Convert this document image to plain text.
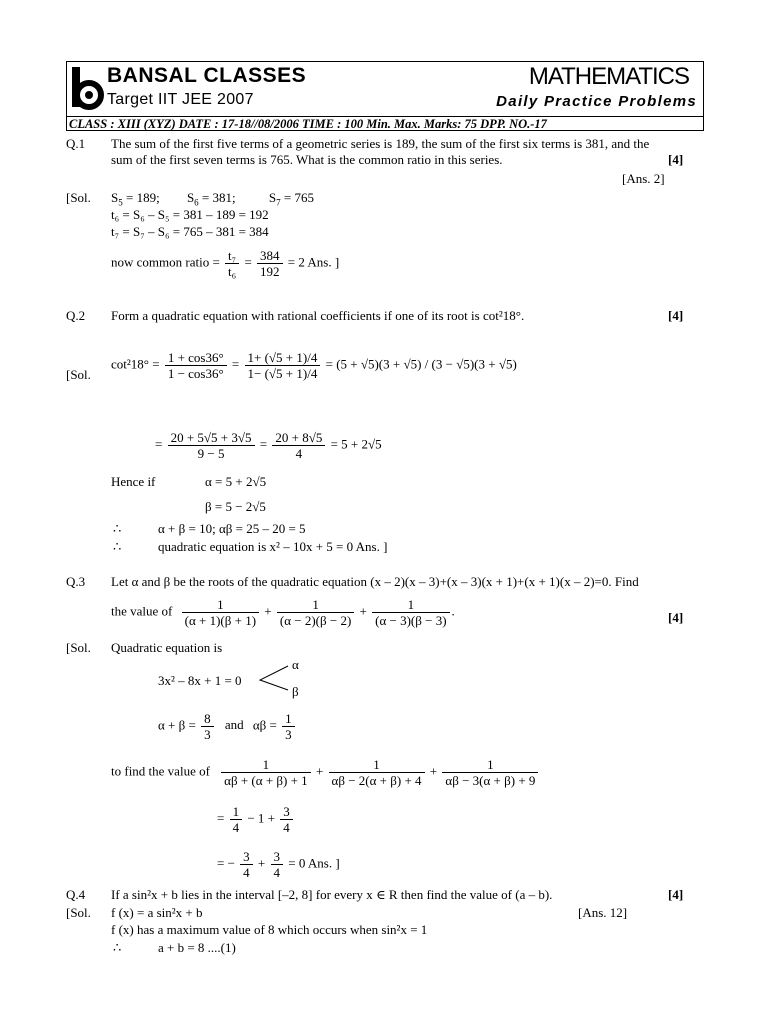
BANSAL CLASSES
Target IIT JEE 2007
MATHEMATICS
Daily Practice Problems
CLASS : XIII (XYZ) DATE : 17-18//08/2006 TIME : 100 Min. Max. Marks: 75 DPP. NO.-17
Q.1 The sum of the first five terms of a geometric series is 189, the sum of the first six terms is 381, and the
sum of the first seven terms is 765. What is the common ratio in this series.	[4]
[Ans. 2]
[Sol. $S_5 = 189$; $S_6 = 381$;	$S_7 = 765$
t₆ = S₆ – S₅ = 381 – 189 = 192
t₇ = S₇ – S₆ = 765 – 381 = 384
now common ratio = $\frac{\text{t₇}}{\text{t₆}} = \frac{384}{192} = 2$ Ans. ]
Q.2 Form a quadratic equation with rational coefficients if one of its root is cot²18°.	[4]
[Sol.
$\cot^218^\circ = \frac{1 + \cos 36^\circ}{1 - \cos 36^\circ} = \frac{1+ (√5 + 1)/4}{1- (√5 + 1)/4} = (5 + √5)(3 + √5) / (3 - √5)(3 + √5)$
= $\frac{20 + 5√5 + 3√5}{9 - 5} = \frac{20 + 8√5}{4} = 5 + 2√5$
Hence if	α = 5 + 2√5
β = 5 − 2√5
∴	α + β = 10; αβ = 25 – 20 = 5
∴	quadratic equation is x² – 10x + 5 = 0 Ans. ]
Q.3 Let α and β be the roots of the quadratic equation (x – 2)(x – 3)+(x – 3)(x + 1)+(x + 1)(x – 2)=0. Find
the value of $\frac{1}{(\alpha + 1)(\beta + 1)} + \frac{1}{(\alpha - 2)(\beta - 2)} + \frac{1}{(\alpha - 3)(\beta - 3)}$ .	[4]
[Sol. Quadratic equation is
3x² – 8x + 1 = 0
α
β
$\alpha + \beta = \frac{8}{3}$ and $\alpha\beta = \frac{1}{3}$
to find the value of $\frac{1}{\alpha\beta + (\alpha + \beta) + 1} + \frac{1}{\alpha\beta - 2(\alpha + \beta) + 4} + \frac{1}{\alpha\beta - 3(\alpha + \beta) + 9}$
= $\frac{1}{4} - 1 + \frac{3}{4}$
= − $\frac{3}{4} + \frac{3}{4} = 0$ Ans. ]
Q.4 If a sin²x + b lies in the interval [–2, 8] for every x ∈ R then find the value of (a – b).	[4]
[Sol. f (x) = a sin²x + b	[Ans. 12]
f (x) has a maximum value of 8 which occurs when sin²x = 1
∴	a + b = 8 ....(1)
